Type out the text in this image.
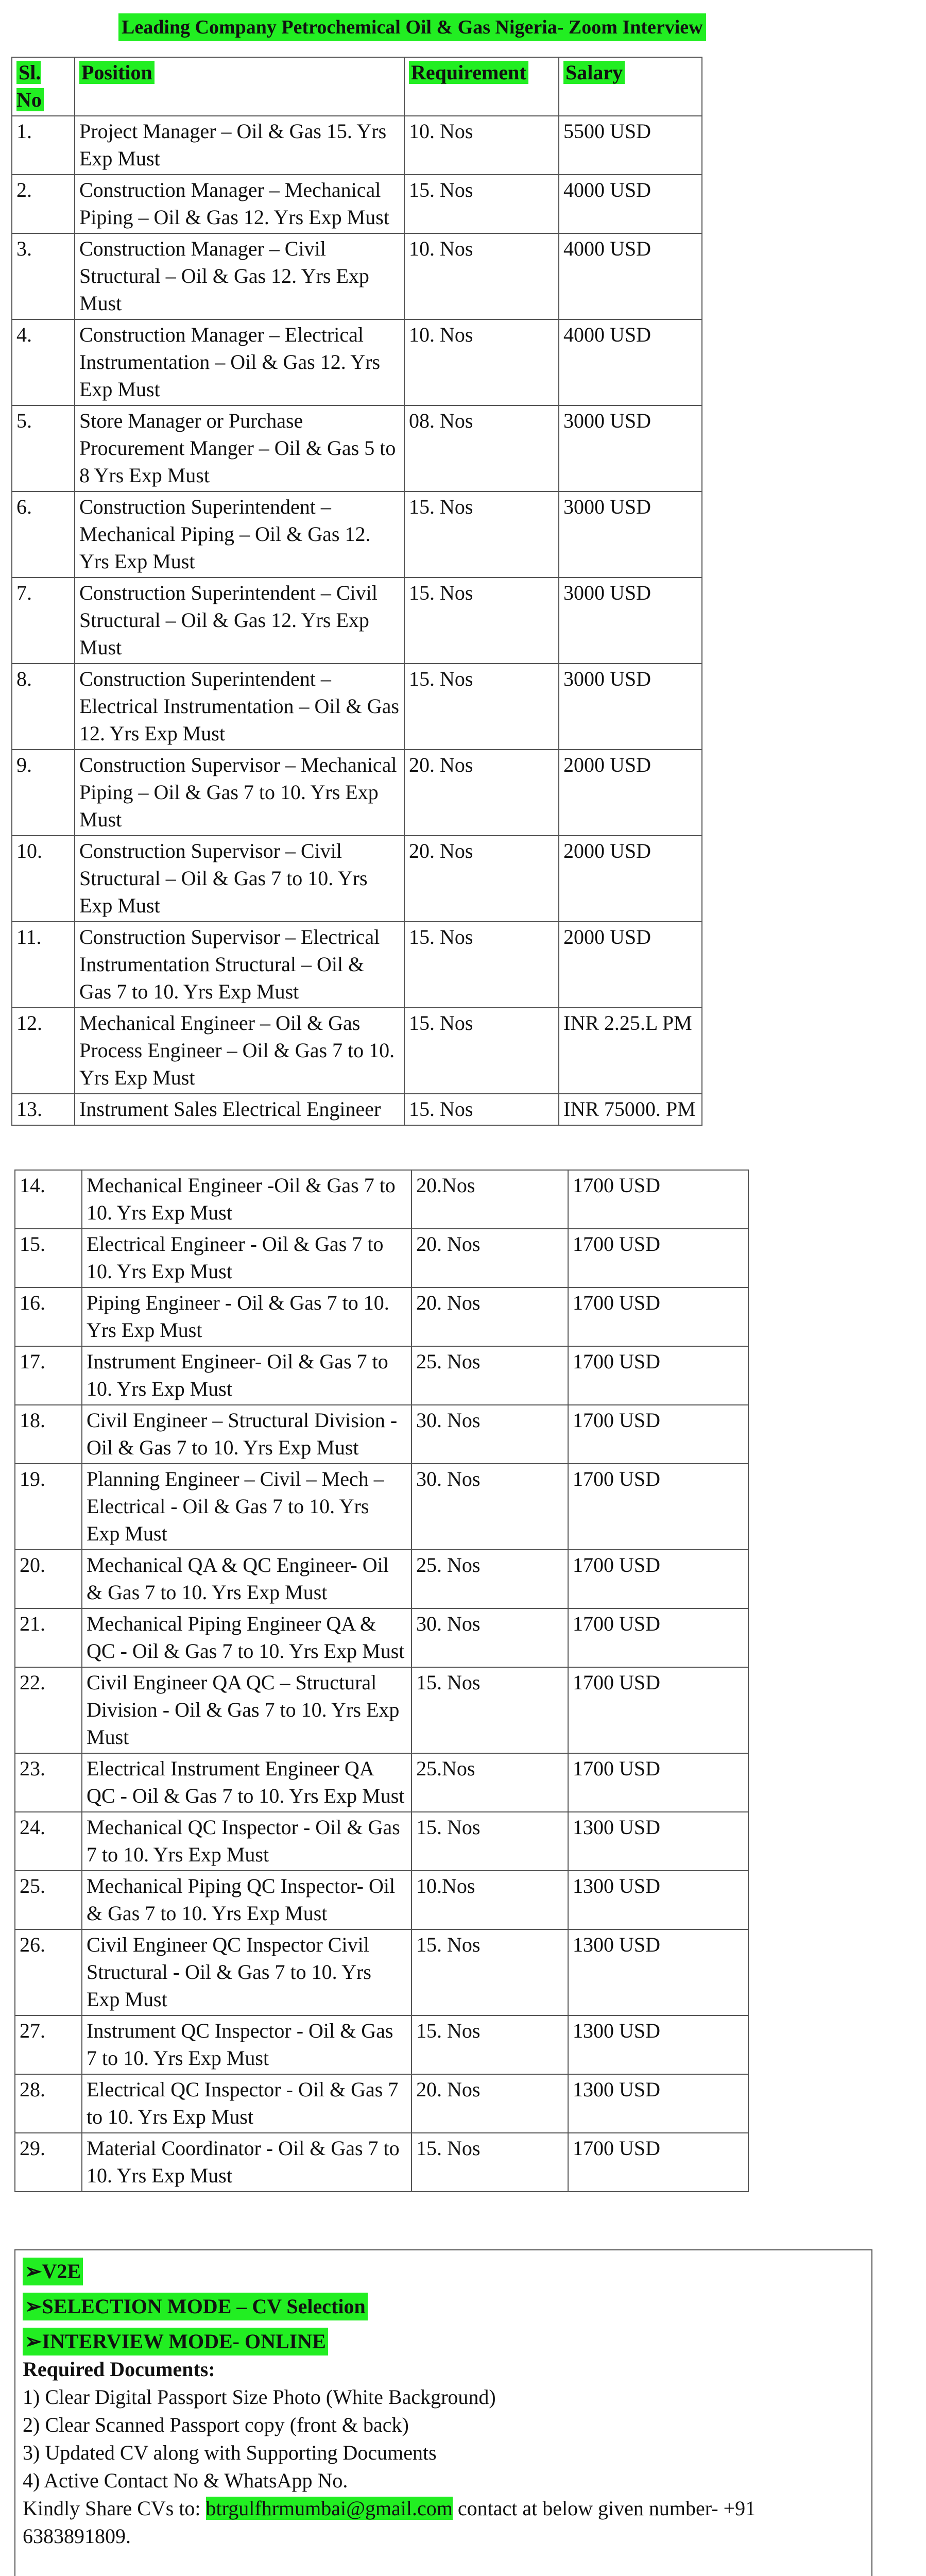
Leading Company Petrochemical Oil & Gas Nigeria- Zoom Interview
Sl. No	Position	Requirement	Salary
1.	Project Manager – Oil & Gas 15. Yrs Exp Must	10. Nos	5500 USD
2.	Construction Manager – Mechanical Piping – Oil & Gas 12. Yrs Exp Must	15. Nos	4000 USD
3.	Construction Manager – Civil Structural – Oil & Gas 12. Yrs Exp Must	10. Nos	4000 USD
4.	Construction Manager – Electrical Instrumentation – Oil & Gas 12. Yrs Exp Must	10. Nos	4000 USD
5.	Store Manager or Purchase Procurement Manger – Oil & Gas 5 to 8 Yrs Exp Must	08. Nos	3000 USD
6.	Construction Superintendent – Mechanical Piping – Oil & Gas 12. Yrs Exp Must	15. Nos	3000 USD
7.	Construction Superintendent – Civil Structural – Oil & Gas 12. Yrs Exp Must	15. Nos	3000 USD
8.	Construction Superintendent – Electrical Instrumentation – Oil & Gas 12. Yrs Exp Must	15. Nos	3000 USD
9.	Construction Supervisor – Mechanical Piping – Oil & Gas 7 to 10. Yrs Exp Must	20. Nos	2000 USD
10.	Construction Supervisor – Civil Structural – Oil & Gas 7 to 10. Yrs Exp Must	20. Nos	2000 USD
11.	Construction Supervisor – Electrical Instrumentation Structural – Oil & Gas 7 to 10. Yrs Exp Must	15. Nos	2000 USD
12.	Mechanical Engineer – Oil & Gas Process Engineer – Oil & Gas 7 to 10. Yrs Exp Must	15. Nos	INR 2.25.L PM
13.	Instrument Sales Electrical Engineer	15. Nos	INR 75000. PM
14.	Mechanical Engineer -Oil & Gas 7 to 10. Yrs Exp Must	20.Nos	1700 USD
15.	Electrical Engineer - Oil & Gas 7 to 10. Yrs Exp Must	20. Nos	1700 USD
16.	Piping Engineer - Oil & Gas 7 to 10. Yrs Exp Must	20. Nos	1700 USD
17.	Instrument Engineer- Oil & Gas 7 to 10. Yrs Exp Must	25. Nos	1700 USD
18.	Civil Engineer – Structural Division - Oil & Gas 7 to 10. Yrs Exp Must	30. Nos	1700 USD
19.	Planning Engineer – Civil – Mech – Electrical - Oil & Gas 7 to 10. Yrs Exp Must	30. Nos	1700 USD
20.	Mechanical QA & QC Engineer- Oil & Gas 7 to 10. Yrs Exp Must	25. Nos	1700 USD
21.	Mechanical Piping Engineer QA & QC - Oil & Gas 7 to 10. Yrs Exp Must	30. Nos	1700 USD
22.	Civil Engineer QA QC – Structural Division - Oil & Gas 7 to 10. Yrs Exp Must	15. Nos	1700 USD
23.	Electrical Instrument Engineer QA QC - Oil & Gas 7 to 10. Yrs Exp Must	25.Nos	1700 USD
24.	Mechanical QC Inspector - Oil & Gas 7 to 10. Yrs Exp Must	15. Nos	1300 USD
25.	Mechanical Piping QC Inspector- Oil & Gas 7 to 10. Yrs Exp Must	10.Nos	1300 USD
26.	Civil Engineer QC Inspector Civil Structural - Oil & Gas 7 to 10. Yrs Exp Must	15. Nos	1300 USD
27.	Instrument QC Inspector - Oil & Gas 7 to 10. Yrs Exp Must	15. Nos	1300 USD
28.	Electrical QC Inspector - Oil & Gas 7 to 10. Yrs Exp Must	20. Nos	1300 USD
29.	Material Coordinator - Oil & Gas 7 to 10. Yrs Exp Must	15. Nos	1700 USD
➢V2E
➢SELECTION MODE – CV Selection
➢INTERVIEW MODE- ONLINE
Required Documents:
1) Clear Digital Passport Size Photo (White Background)
2) Clear Scanned Passport copy (front & back)
3) Updated CV along with Supporting Documents
4) Active Contact No & WhatsApp No.
Kindly Share CVs to: btrgulfhrmumbai@gmail.com contact at below given number- +91 6383891809.
